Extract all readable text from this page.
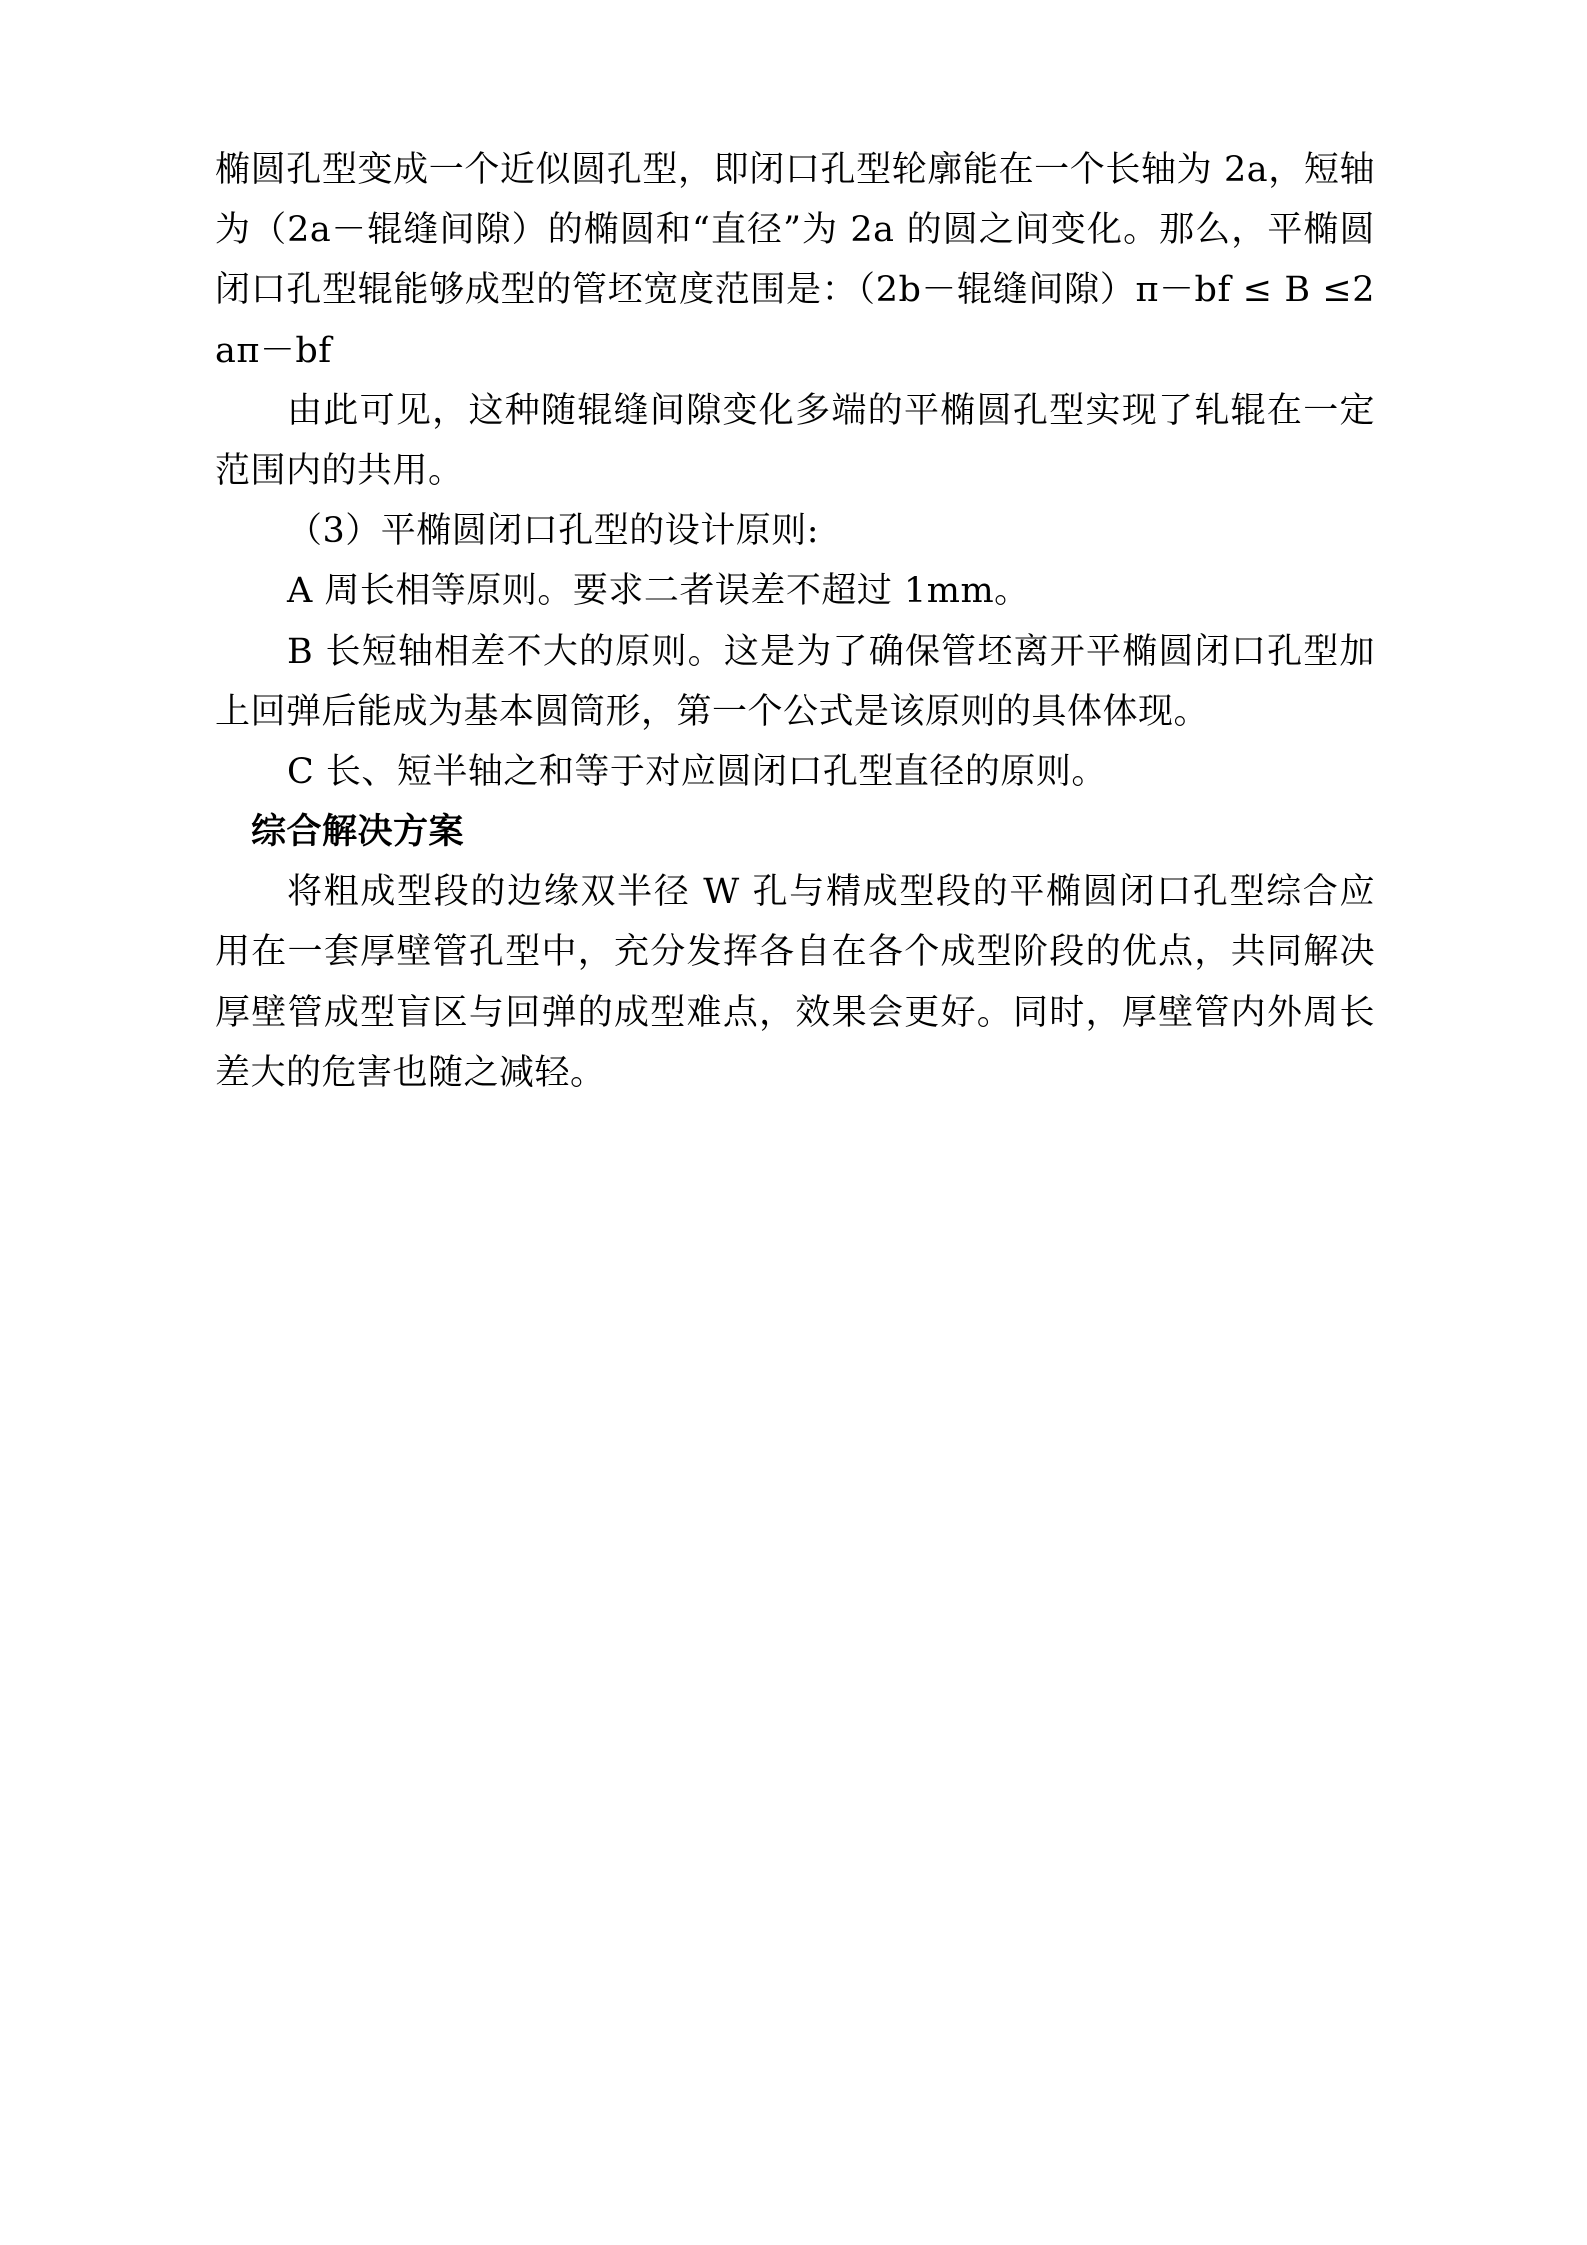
椭圆孔型变成一个近似圆孔型，即闭口孔型轮廓能在一个长轴为 2a，短轴为（2a－辊缝间隙）的椭圆和“直径”为 2a 的圆之间变化。那么，平椭圆闭口孔型辊能够成型的管坯宽度范围是：（2b－辊缝间隙）π－bf ≤ B ≤2aπ－bf

由此可见，这种随辊缝间隙变化多端的平椭圆孔型实现了轧辊在一定范围内的共用。

（3）平椭圆闭口孔型的设计原则:

A 周长相等原则。要求二者误差不超过 1mm。

B 长短轴相差不大的原则。这是为了确保管坯离开平椭圆闭口孔型加上回弹后能成为基本圆筒形，第一个公式是该原则的具体体现。

C 长、短半轴之和等于对应圆闭口孔型直径的原则。

综合解决方案

将粗成型段的边缘双半径 W 孔与精成型段的平椭圆闭口孔型综合应用在一套厚壁管孔型中，充分发挥各自在各个成型阶段的优点，共同解决厚壁管成型盲区与回弹的成型难点，效果会更好。同时，厚壁管内外周长差大的危害也随之减轻。
